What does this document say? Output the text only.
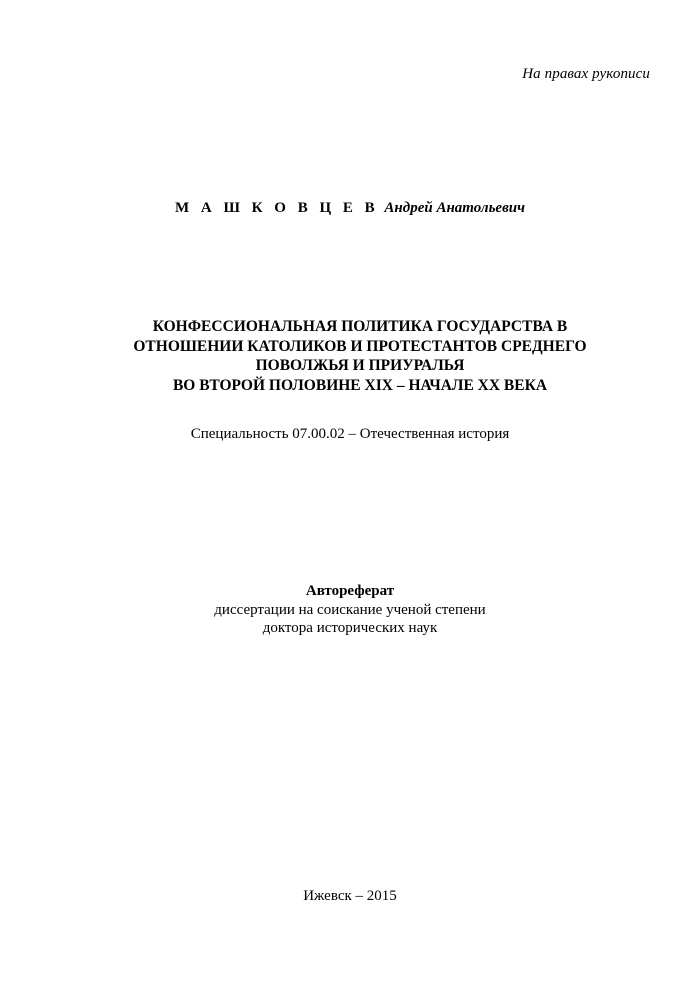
На правах рукописи
М А Ш К О В Ц Е В Андрей Анатольевич
КОНФЕССИОНАЛЬНАЯ ПОЛИТИКА ГОСУДАРСТВА В
ОТНОШЕНИИ КАТОЛИКОВ И ПРОТЕСТАНТОВ СРЕДНЕГО
ПОВОЛЖЬЯ И ПРИУРАЛЬЯ
ВО ВТОРОЙ ПОЛОВИНЕ XIX – НАЧАЛЕ XX ВЕКА
Специальность 07.00.02 – Отечественная история
Автореферат
диссертации на соискание ученой степени
доктора исторических наук
Ижевск – 2015
